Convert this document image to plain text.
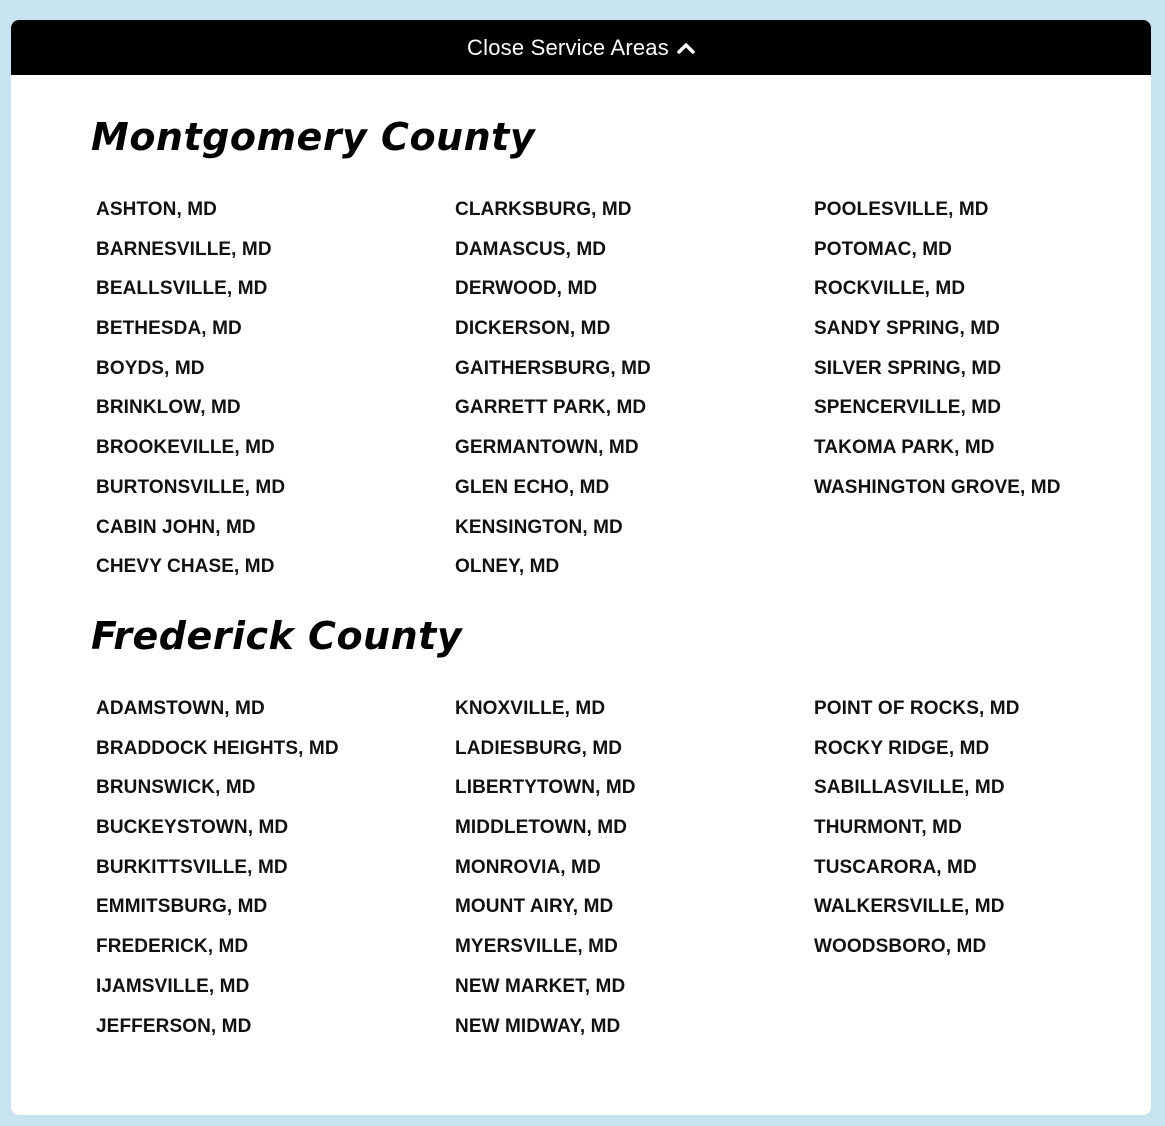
Close Service Areas
Montgomery County
ASHTON, MD
BARNESVILLE, MD
BEALLSVILLE, MD
BETHESDA, MD
BOYDS, MD
BRINKLOW, MD
BROOKEVILLE, MD
BURTONSVILLE, MD
CABIN JOHN, MD
CHEVY CHASE, MD
CLARKSBURG, MD
DAMASCUS, MD
DERWOOD, MD
DICKERSON, MD
GAITHERSBURG, MD
GARRETT PARK, MD
GERMANTOWN, MD
GLEN ECHO, MD
KENSINGTON, MD
OLNEY, MD
POOLESVILLE, MD
POTOMAC, MD
ROCKVILLE, MD
SANDY SPRING, MD
SILVER SPRING, MD
SPENCERVILLE, MD
TAKOMA PARK, MD
WASHINGTON GROVE, MD
Frederick County
ADAMSTOWN, MD
BRADDOCK HEIGHTS, MD
BRUNSWICK, MD
BUCKEYSTOWN, MD
BURKITTSVILLE, MD
EMMITSBURG, MD
FREDERICK, MD
IJAMSVILLE, MD
JEFFERSON, MD
KNOXVILLE, MD
LADIESBURG, MD
LIBERTYTOWN, MD
MIDDLETOWN, MD
MONROVIA, MD
MOUNT AIRY, MD
MYERSVILLE, MD
NEW MARKET, MD
NEW MIDWAY, MD
POINT OF ROCKS, MD
ROCKY RIDGE, MD
SABILLASVILLE, MD
THURMONT, MD
TUSCARORA, MD
WALKERSVILLE, MD
WOODSBORO, MD
